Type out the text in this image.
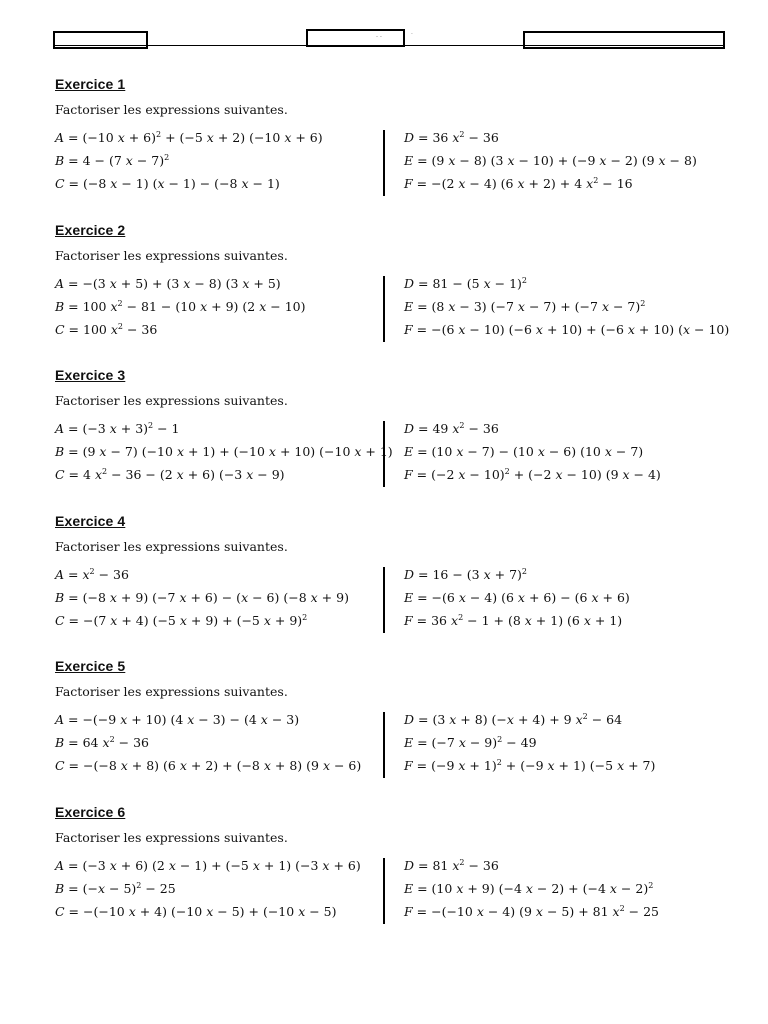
- -	·
Exercice 1
Factoriser les expressions suivantes.
A = (−10 x + 6)$^2$ + (−5 x + 2) (−10 x + 6)
B = 4 − (7 x − 7)$^2$
C = (−8 x − 1) (x − 1) − (−8 x − 1)
D = 36 $x^2 - 36$
E = (9 x − 8) (3 x − 10) + (−9 x − 2) (9 x − 8)
F = −(2 x − 4) (6 x + 2) + 4 $x^2 - 16$
Exercice 2
Factoriser les expressions suivantes.
A = −(3 x + 5) + (3 x − 8) (3 x + 5)
B = 100 $x^2 - 81 - (10$ x + 9) (2 x − 10)
C = 100 $x^2 - 36$
D = 81 − (5 x − 1)$^2$
E = (8 x − 3) (−7 x − 7) + (−7 x − 7)$^2$
F = −(6 x − 10) (−6 x + 10) + (−6 x + 10) (x − 10)
Exercice 3
Factoriser les expressions suivantes.
A = (−3 x + 3)$^2$ − 1
B = (9 x − 7) (−10 x + 1) + (−10 x + 10) (−10 x + 1)
C = 4 $x^2 - 36 - (2$ x + 6) (−3 x − 9)
D = 49 $x^2 - 36$
E = (10 x − 7) − (10 x − 6) (10 x − 7)
F = (−2 x − 10)$^2$ + (−2 x − 10) (9 x − 4)
Exercice 4
Factoriser les expressions suivantes.
$A = x^2 - 36$
B = (−8 x + 9) (−7 x + 6) − (x − 6) (−8 x + 9)
C = −(7 x + 4) (−5 x + 9) + (−5 x + 9)$^2$
D = 16 − (3 x + 7)$^2$
E = −(6 x − 4) (6 x + 6) − (6 x + 6)
F = 36 $x^2 - 1 + (8$ x + 1) (6 x + 1)
Exercice 5
Factoriser les expressions suivantes.
A = −(−9 x + 10) (4 x − 3) − (4 x − 3)
B = 64 $x^2 - 36$
C = −(−8 x + 8) (6 x + 2) + (−8 x + 8) (9 x − 6)
D = (3 x + 8) (−x + 4) + 9 $x^2 - 64$
E = (−7 x − 9)$^2$ − 49
F = (−9 x + 1)$^2$ + (−9 x + 1) (−5 x + 7)
Exercice 6
Factoriser les expressions suivantes.
A = (−3 x + 6) (2 x − 1) + (−5 x + 1) (−3 x + 6)
$B = (-x - 5)^2 - 25$
C = −(−10 x + 4) (−10 x − 5) + (−10 x − 5)
D = 81 $x^2 - 36$
E = (10 x + 9) (−4 x − 2) + (−4 x − 2)$^2$
F = −(−10 x − 4) (9 x − 5) + 81 $x^2 - 25$
